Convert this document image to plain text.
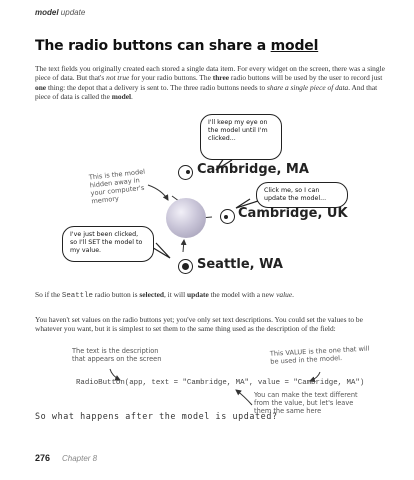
model update
The radio buttons can share a model
The text fields you originally created each stored a single data item. For every widget on the screen, there was a single piece of data. But that's not true for your radio buttons. The three radio buttons will be used by the user to record just one thing: the depot that a delivery is sent to. The three radio buttons needs to share a single piece of data. And that piece of data is called the model.
I'll keep my eye on the model until I'm clicked...
Click me, so I can update the model...
I've just been clicked, so I'll SET the model to my value.
This is the model hidden away in your computer's memory
Cambridge, MA
Cambridge, UK
Seattle, WA
So if the Seattle radio button is selected, it will update the model with a new value.
You haven't set values on the radio buttons yet; you've only set text descriptions. You could set the values to be whatever you want, but it is simplest to set them to the same thing used as the description of the field:
The text is the description that appears on the screen
This VALUE is the one that will be used in the model.
RadioButton(app, text = "Cambridge, MA", value = "Cambridge, MA")
You can make the text different from the value, but let's leave them the same here
So what happens after the model is updated?
276 Chapter 8
